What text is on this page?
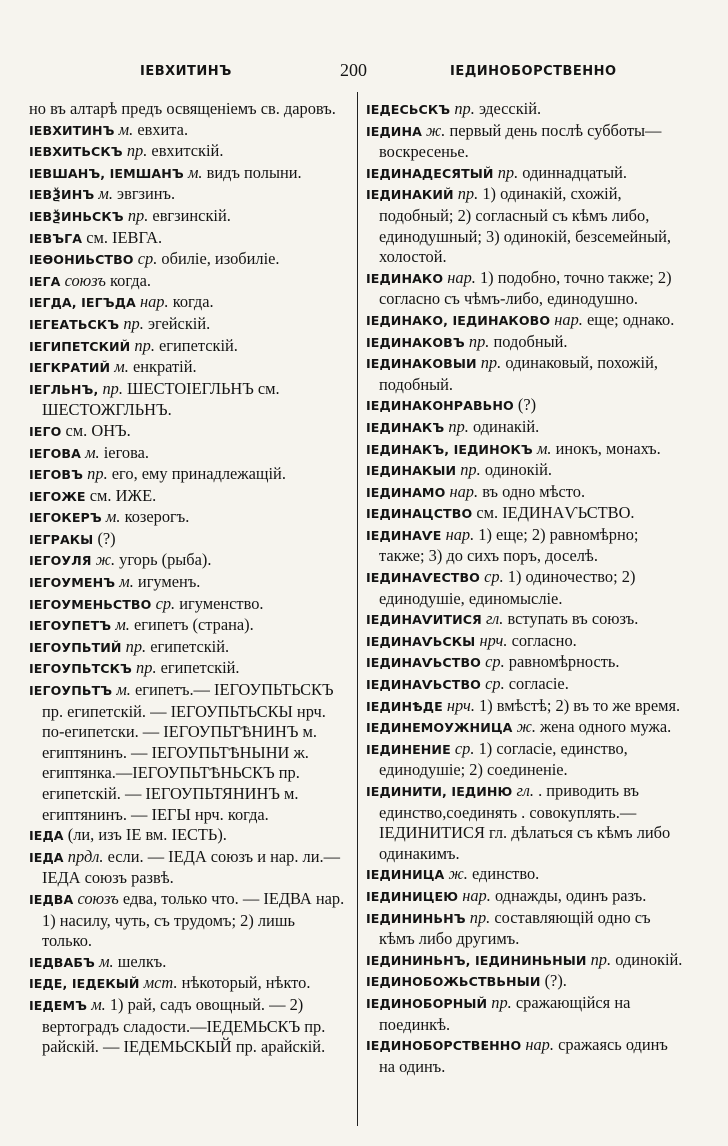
ІЕВХИТИНЪ	200	ІЕДИНОБОРСТВЕННО
но въ алтарѣ предъ освященіемъ св. даровъ.
ІЕВХИТИНЪ м. евхита.
ІЕВХИТЬСКЪ пр. евхитскій.
ІЕВШАНЪ, ІЕМШАНЪ м. видъ полыни.
ІЕВѮИНЪ м. эвгзинъ.
ІЕВѮИНЬСКЪ пр. евгзинскій.
ІЕВЪГА см. ІЕВГА.
ІЕѲОНИЬСТВО ср. обиліе, изобиліе.
ІЕГА союзъ когда.
ІЕГДА, ІЕГЪДА нар. когда.
ІЕГЕАТЬСКЪ пр. эгейскій.
ІЕГИПЕТСКИЙ пр. египетскій.
ІЕГКРАТИЙ м. енкратій.
ІЕГЛЬНЪ, пр. ШЕСТОІЕГЛЬНЪ см. ШЕСТОЖГЛЬНЪ.
ІЕГО см. ОНЪ.
ІЕГОВА м. іегова.
ІЕГОВЪ пр. его, ему принадлежащій.
ІЕГОЖЕ см. ИЖЕ.
ІЕГОКЕРЪ м. козерогъ.
ІЕГРАКЫ (?)
ІЕГОУЛЯ ж. угорь (рыба).
ІЕГОУМЕНЪ м. игуменъ.
ІЕГОУМЕНЬСТВО ср. игуменство.
ІЕГОУПЕТЪ м. египетъ (страна).
ІЕГОУПЬТИЙ пр. египетскій.
ІЕГОУПЬТСКЪ пр. египетскій.
ІЕГОУПЬТЪ м. египетъ.— ІЕГОУПЬТЬСКЪ пр. египетскій. — ІЕГОУПЬТЬСКЫ нрч. по-египетски. — ІЕГОУПЬТѢНИНЪ м. египтянинъ. — ІЕГОУПЬТѢНЫНИ ж. египтянка.—ІЕГОУПЬТѢНЬСКЪ пр. египетскій. — ІЕГОУПЬТЯНИНЪ м. египтянинъ. — ІЕГЫ нрч. когда.
ІЕДА (ли, изъ ІЕ вм. ІЕСТЬ).
ІЕДА прдл. если. — ІЕДА союзъ и нар. ли.—ІЕДА союзъ развѣ.
ІЕДВА союзъ едва, только что. — ІЕДВА нар. 1) насилу, чуть, съ трудомъ; 2) лишь только.
ІЕДВАБЪ м. шелкъ.
ІЕДЕ, ІЕДЕКЫЙ мст. нѣкоторый, нѣкто.
ІЕДЕМЪ м. 1) рай, садъ овощный. — 2) вертоградъ сладости.—ІЕДЕМЬСКЪ пр. райскій. — ІЕДЕМЬСКЫЙ пр. арайскій.
ІЕДЕСЬСКЪ пр. эдесскій.
ІЕДИНА ж. первый день послѣ субботы—воскресенье.
ІЕДИНАДЕСЯТЫЙ пр. одиннадцатый.
ІЕДИНАКИЙ пр. 1) одинакій, схожій, подобный; 2) согласный съ кѣмъ либо, единодушный; 3) одинокій, безсемейный, холостой.
ІЕДИНАКО нар. 1) подобно, точно также; 2) согласно съ чѣмъ-либо, единодушно.
ІЕДИНАКО, ІЕДИНАКОВО нар. еще; однако.
ІЕДИНАКОВЪ пр. подобный.
ІЕДИНАКОВЫИ пр. одинаковый, похожій, подобный.
ІЕДИНАКОНРАВЬНО (?)
ІЕДИНАКЪ пр. одинакій.
ІЕДИНАКЪ, ІЕДИНОКЪ м. инокъ, монахъ.
ІЕДИНАКЫИ пр. одинокій.
ІЕДИНАМО нар. въ одно мѣсто.
ІЕДИНАЦСТВО см. ІЕДИНАѴЬСТВО.
ІЕДИНАѴЕ нар. 1) еще; 2) равномѣрно; также; 3) до сихъ поръ, доселѣ.
ІЕДИНАѴЕСТВО ср. 1) одиночество; 2) единодушіе, единомысліе.
ІЕДИНАѴИТИСЯ гл. вступать въ союзъ.
ІЕДИНАѴЬСКЫ нрч. согласно.
ІЕДИНАѴЬСТВО ср. равномѣрность.
ІЕДИНАѴЬСТВО ср. согласіе.
ІЕДИНѢДЕ нрч. 1) вмѣстѣ; 2) въ то же время.
ІЕДИНЕМОУЖНИЦА ж. жена одного мужа.
ІЕДИНЕНИЕ ср. 1) согласіе, единство, единодушіе; 2) соединеніе.
ІЕДИНИТИ, ІЕДИНЮ гл. . приводить въ единство,соединять . совокуплять.— ІЕДИНИТИСЯ гл. дѣлаться съ кѣмъ либо одинакимъ.
ІЕДИНИЦА ж. единство.
ІЕДИНИЦЕЮ нар. однажды, одинъ разъ.
ІЕДИНИНЬНЪ пр. составляющій одно съ кѣмъ либо другимъ.
ІЕДИНИНЬНЪ, ІЕДИНИНЬНЫИ пр. одинокій.
ІЕДИНОБОЖЬСТВЬНЫИ (?).
ІЕДИНОБОРНЫЙ пр. сражающійся на поединкѣ.
ІЕДИНОБОРСТВЕННО нар. сражаясь одинъ на одинъ.
